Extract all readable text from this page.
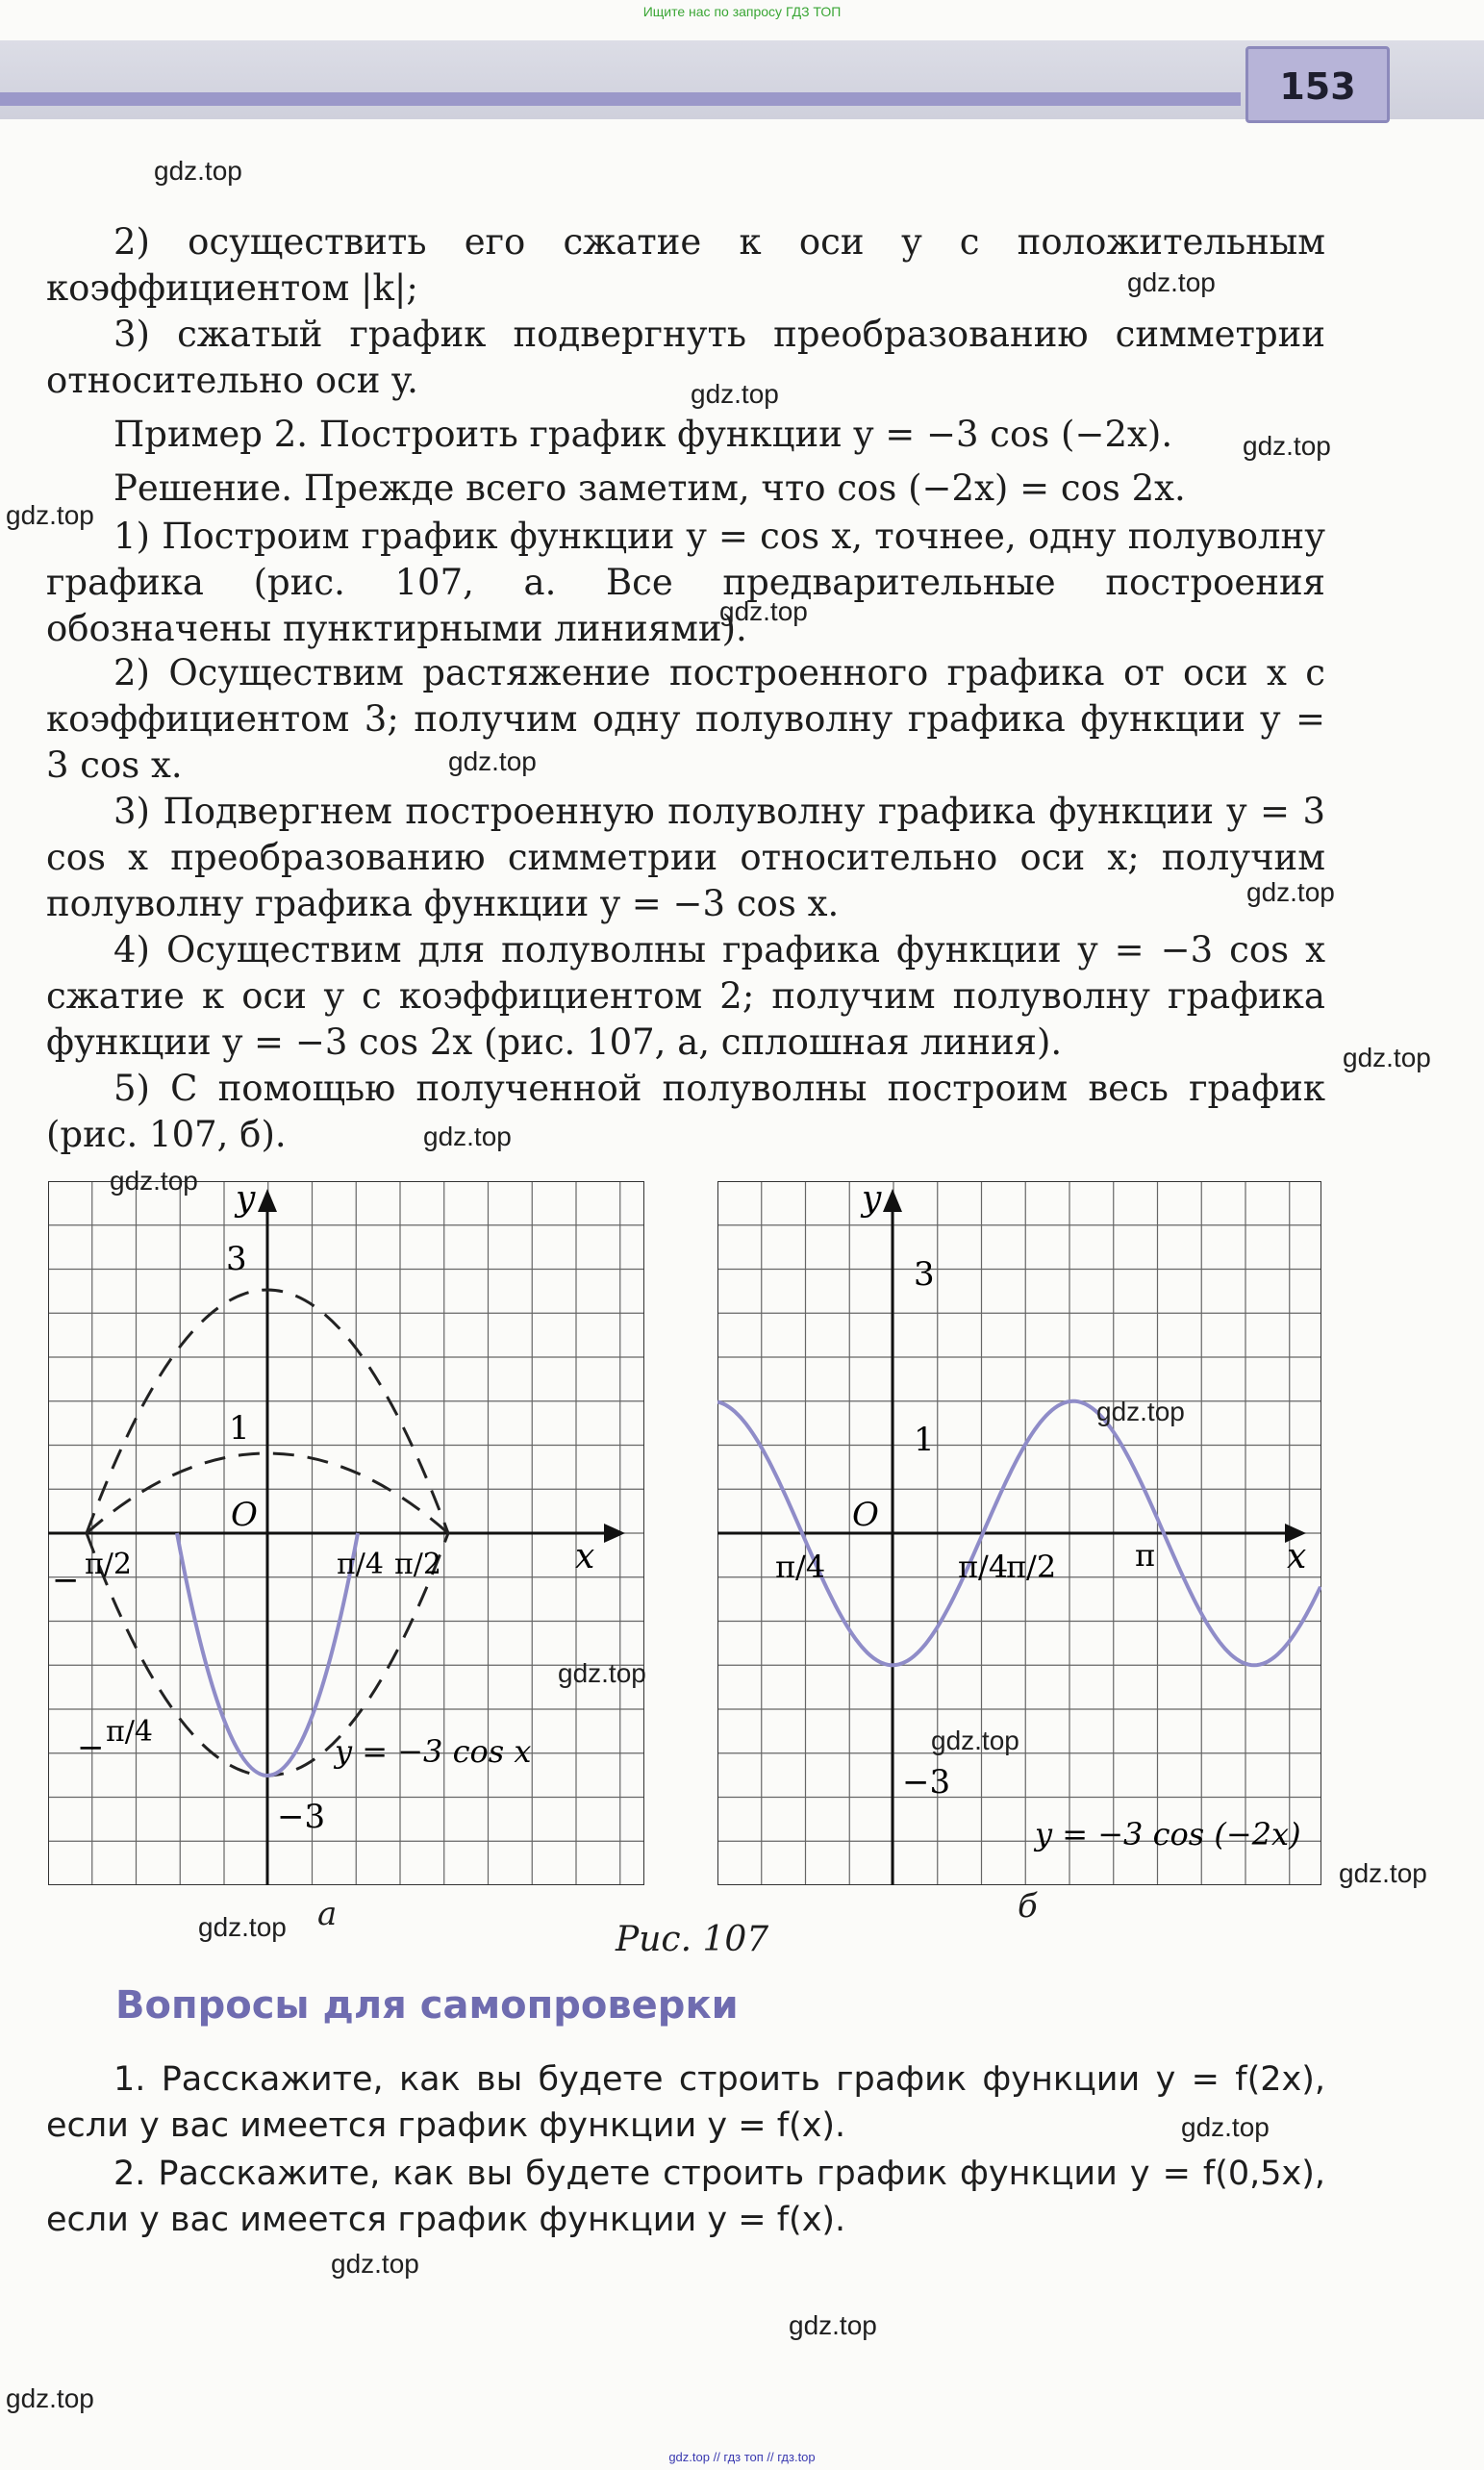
Ищите нас по запросу ГДЗ ТОП
153
2) осуществить его сжатие к оси y с положительным коэффициентом |k|;
3) сжатый график подвергнуть преобразованию симметрии относительно оси y.
Пример 2. Построить график функции y = −3 cos (−2x).
Решение. Прежде всего заметим, что cos (−2x) = cos 2x.
1) Построим график функции y = cos x, точнее, одну полуволну графика (рис. 107, а. Все предварительные построения обозначены пунктирными линиями).
2) Осуществим растяжение построенного графика от оси x с коэффициентом 3; получим одну полуволну графика функции y = 3 cos x.
3) Подвергнем построенную полуволну графика функции y = 3 cos x преобразованию симметрии относительно оси x; получим полуволну графика функции y = −3 cos x.
4) Осуществим для полуволны графика функции y = −3 cos x сжатие к оси y с коэффициентом 2; получим полуволну графика функции y = −3 cos 2x (рис. 107, а, сплошная линия).
5) С помощью полученной полуволны построим весь график (рис. 107, б).
3
1
−3
O
y
x
− π/2	π/4 π/2
− π/4
y = −3 cos x
а
3
1
−3
O
y
x
π/4	π/4
π/2	π
y = −3 cos (−2x)
б
Рис. 107
Вопросы для самопроверки
1. Расскажите, как вы будете строить график функции y = f(2x), если у вас имеется график функции y = f(x).
2. Расскажите, как вы будете строить график функции y = f(0,5x), если у вас имеется график функции y = f(x).
gdz.top
gdz.top
gdz.top
gdz.top
gdz.top
gdz.top
gdz.top
gdz.top
gdz.top
gdz.top
gdz.top
gdz.top
gdz.top
gdz.top
gdz.top
gdz.top
gdz.top
gdz.top
gdz.top
gdz.top
gdz.top // гдз топ // гдз.top
